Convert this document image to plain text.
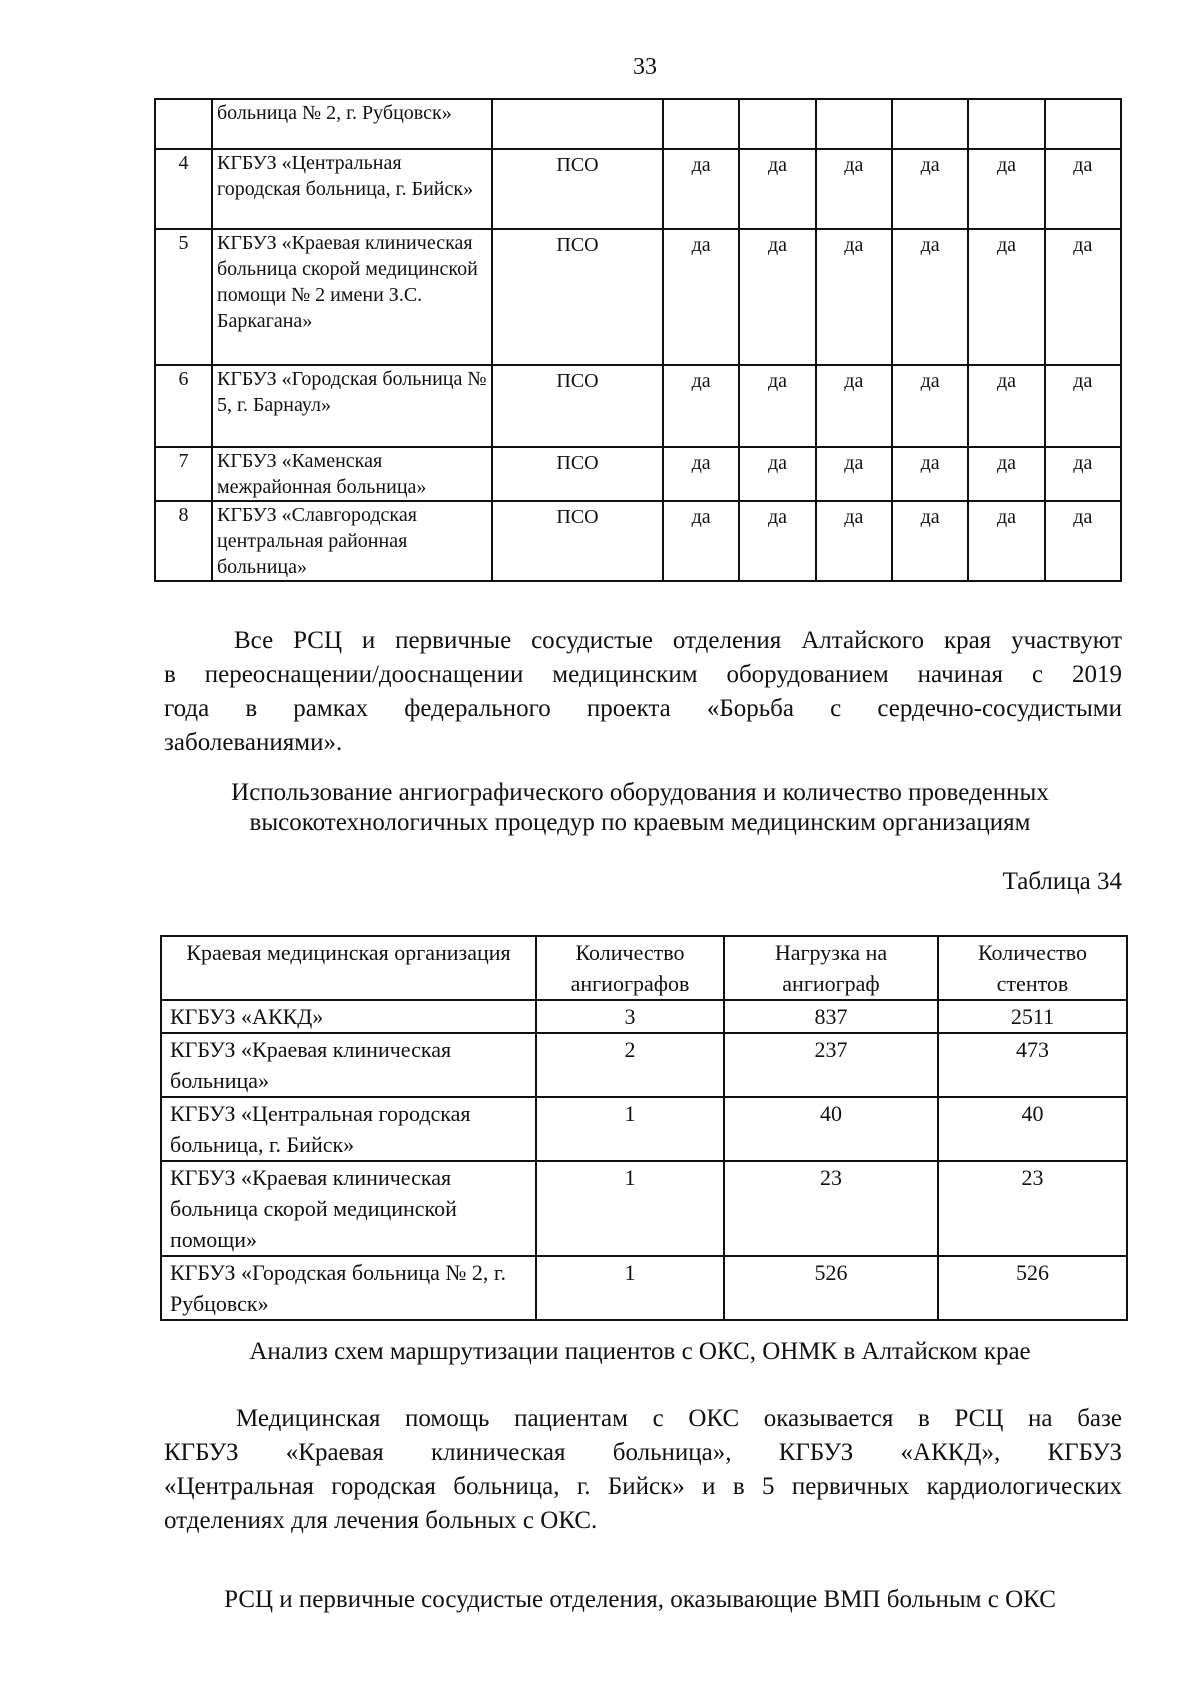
33
	больница № 2, г. Рубцовск»							
4	КГБУЗ «Центральная городская больница, г. Бийск»	ПСО	да	да	да	да	да	да
5	КГБУЗ «Краевая клиническая больница скорой медицинской помощи № 2 имени З.С. Баркагана»	ПСО	да	да	да	да	да	да
6	КГБУЗ «Городская больница № 5, г. Барнаул»	ПСО	да	да	да	да	да	да
7	КГБУЗ «Каменская межрайонная больница»	ПСО	да	да	да	да	да	да
8	КГБУЗ «Славгородская центральная районная больница»	ПСО	да	да	да	да	да	да
Все РСЦ и первичные сосудистые отделения Алтайского края участвуют
в переоснащении/дооснащении медицинским оборудованием начиная с 2019
года в рамках федерального проекта «Борьба с сердечно-сосудистыми
заболеваниями».
Использование ангиографического оборудования и количество проведенных
высокотехнологичных процедур по краевым медицинским организациям
Таблица 34
Краевая медицинская организация	Количество ангиографов	Нагрузка на ангиограф	Количество стентов
КГБУЗ «АККД»	3	837	2511
КГБУЗ «Краевая клиническая больница»	2	237	473
КГБУЗ «Центральная городская больница, г. Бийск»	1	40	40
КГБУЗ «Краевая клиническая больница скорой медицинской помощи»	1	23	23
КГБУЗ «Городская больница № 2, г. Рубцовск»	1	526	526
Анализ схем маршрутизации пациентов с ОКС, ОНМК в Алтайском крае
Медицинская помощь пациентам с ОКС оказывается в РСЦ на базе
КГБУЗ «Краевая клиническая больница», КГБУЗ «АККД», КГБУЗ
«Центральная городская больница, г. Бийск» и в 5 первичных кардиологических
отделениях для лечения больных с ОКС.
РСЦ и первичные сосудистые отделения, оказывающие ВМП больным с ОКС
